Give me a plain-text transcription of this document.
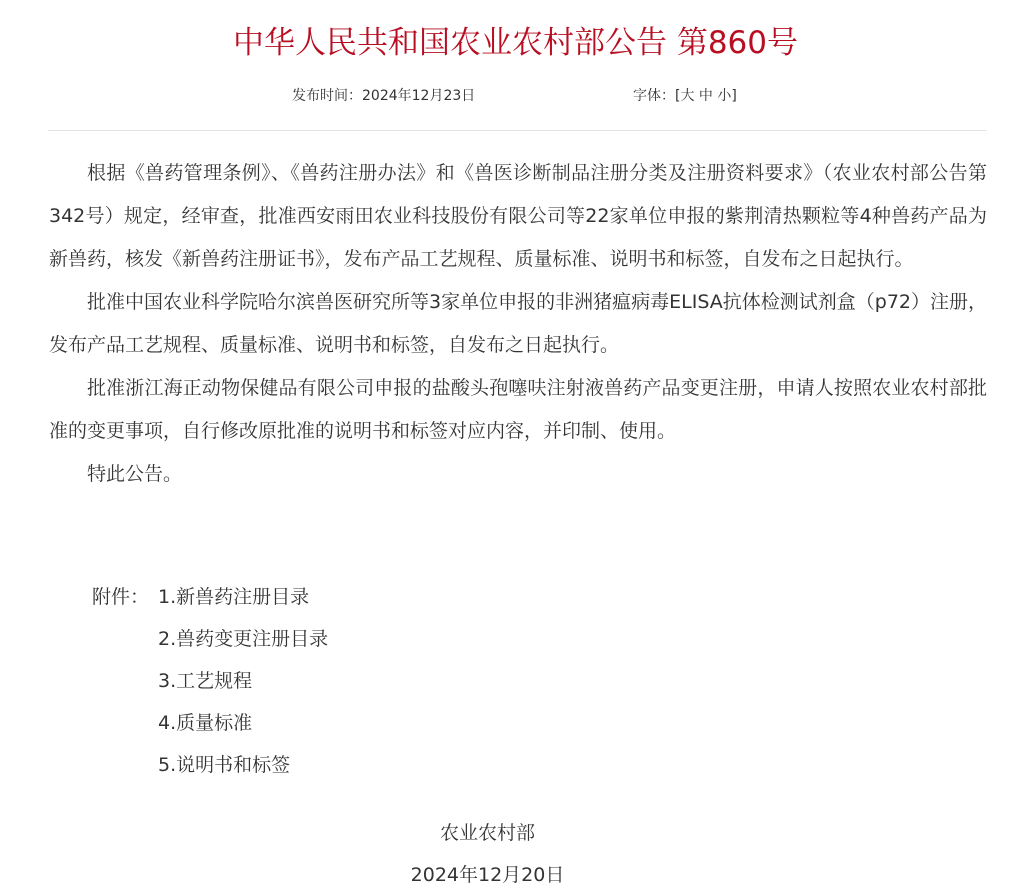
中华人民共和国农业农村部公告 第860号
发布时间：2024年12月23日	字体：[大 中 小]

根据《兽药管理条例》、《兽药注册办法》和《兽医诊断制品注册分类及注册资料要求》（农业农村部公告第342号）规定，经审查，批准西安雨田农业科技股份有限公司等22家单位申报的紫荆清热颗粒等4种兽药产品为新兽药，核发《新兽药注册证书》，发布产品工艺规程、质量标准、说明书和标签，自发布之日起执行。

批准中国农业科学院哈尔滨兽医研究所等3家单位申报的非洲猪瘟病毒ELISA抗体检测试剂盒（p72）注册，发布产品工艺规程、质量标准、说明书和标签，自发布之日起执行。

批准浙江海正动物保健品有限公司申报的盐酸头孢噻呋注射液兽药产品变更注册，申请人按照农业农村部批准的变更事项，自行修改原批准的说明书和标签对应内容，并印制、使用。

特此公告。

附件： 1.新兽药注册目录
2.兽药变更注册目录
3.工艺规程
4.质量标准
5.说明书和标签
农业农村部
2024年12月20日
